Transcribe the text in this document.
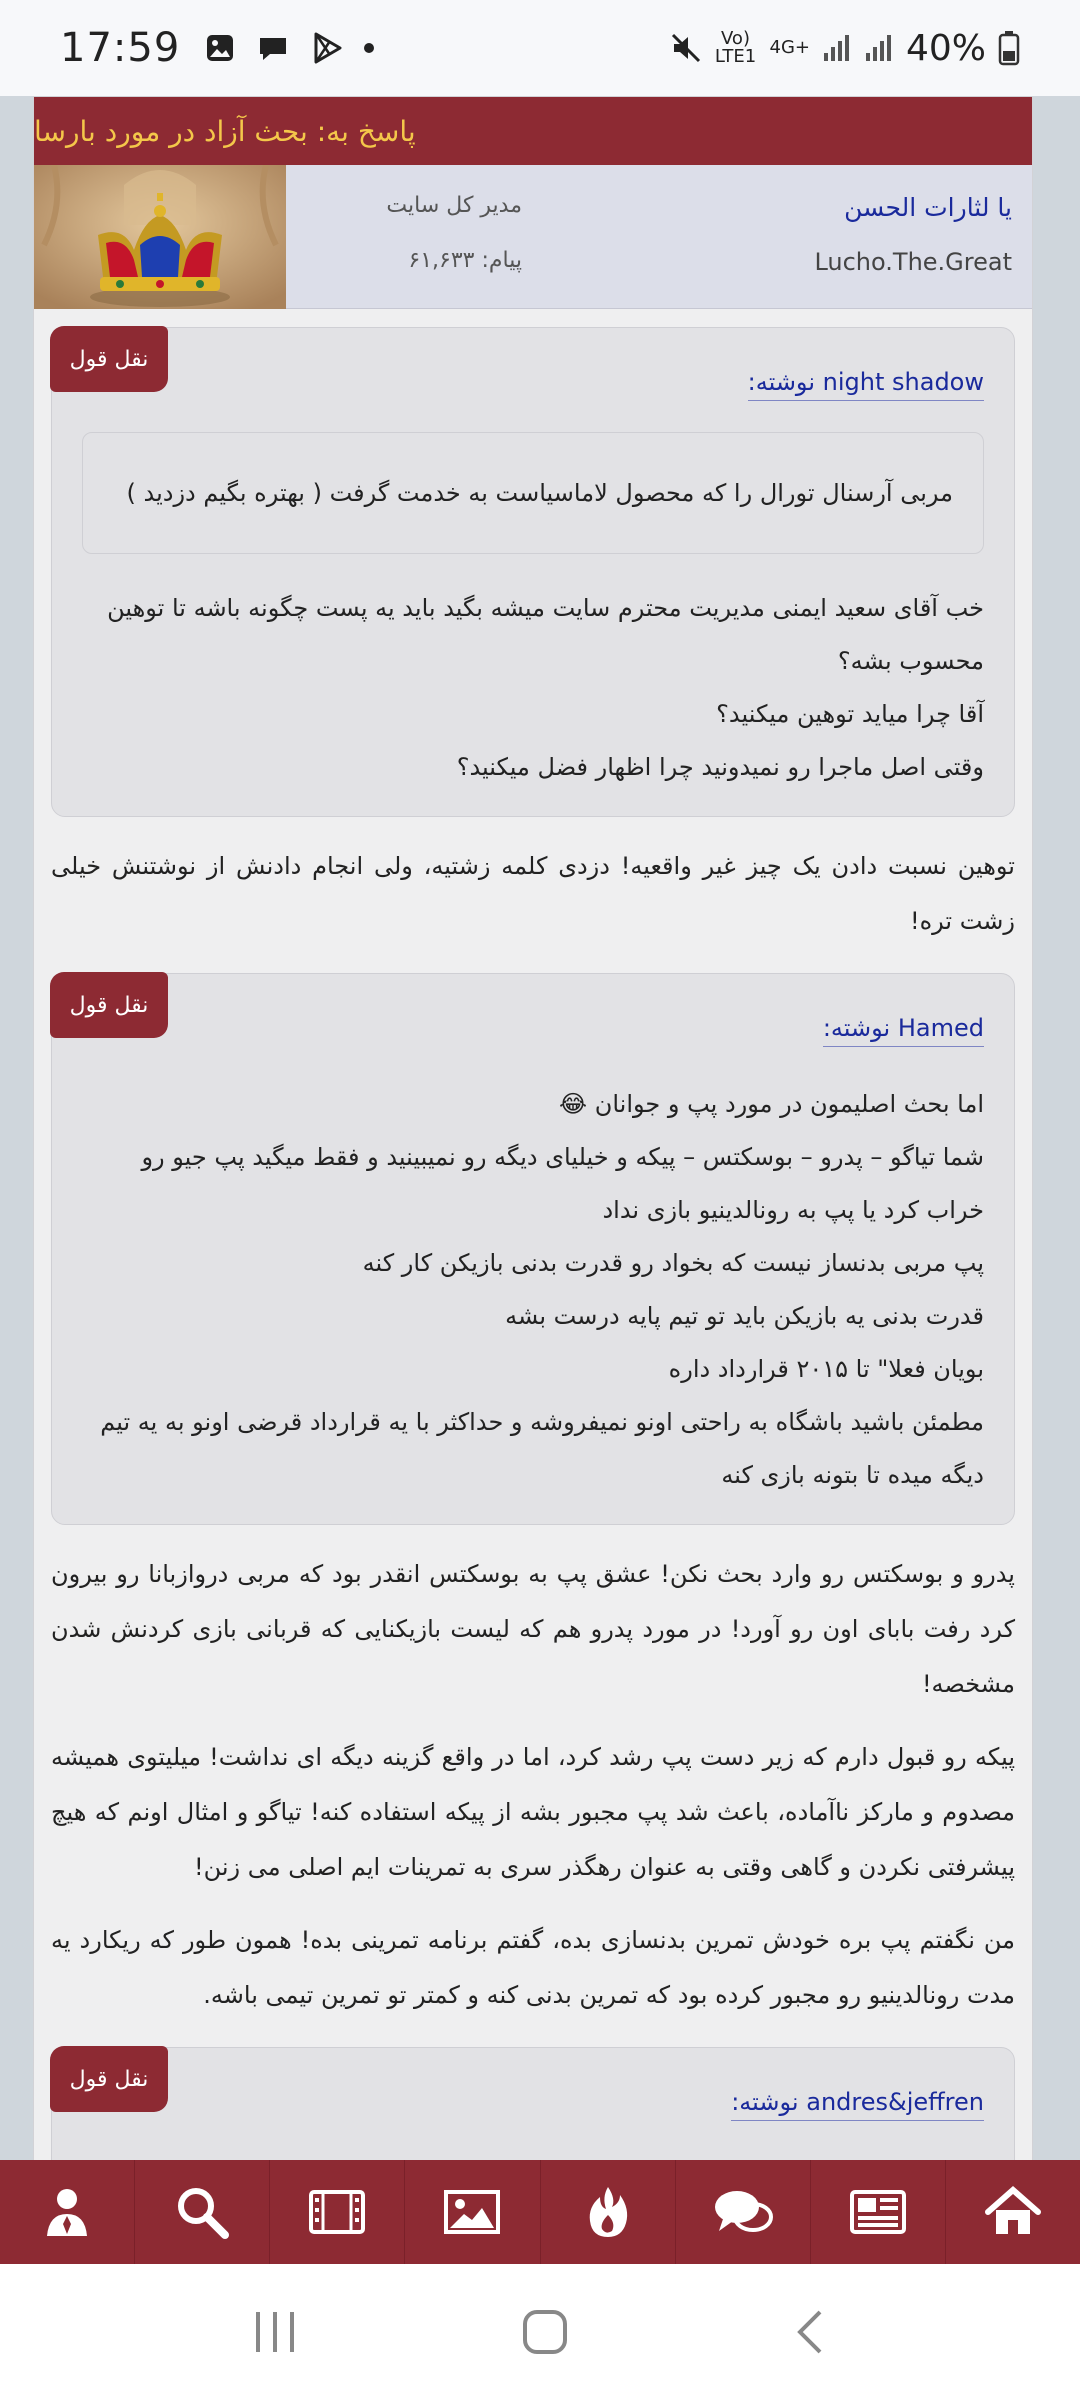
17:59	Vo) LTE1 4G+	40%
پاسخ به: بحث آزاد در مورد بارسا
مدیر کل سایت
پیام: ۶۱,۶۳۳
یا لثارات الحسن
Lucho.The.Great
نقل قول
night shadow نوشته:
مربی آرسنال تورال را که محصول لاماسیاست به خدمت گرفت ( بهتره بگیم دزدید )
خب آقای سعید ایمنی مدیریت محترم سایت میشه بگید باید یه پست چگونه باشه تا توهین محسوب بشه؟
آقا چرا میاید توهین میکنید؟
وقتی اصل ماجرا رو نمیدونید چرا اظهار فضل میکنید؟
توهین نسبت دادن یک چیز غیر واقعیه! دزدی کلمه زشتیه، ولی انجام دادنش از نوشتنش خیلی زشت تره!
نقل قول
Hamed نوشته:
اما بحث اصلیمون در مورد پپ و جوانان 😂
شما تیاگو – پدرو – بوسکتس – پیکه و خیلیای دیگه رو نمیبینید و فقط میگید پپ جیو رو خراب کرد یا پپ به رونالدینیو بازی نداد
پپ مربی بدنساز نیست که بخواد رو قدرت بدنی بازیکن کار کنه
قدرت بدنی یه بازیکن باید تو تیم پایه درست بشه
بویان فعلا" تا ۲۰۱۵ قرارداد داره
مطمئن باشید باشگاه به راحتی اونو نمیفروشه و حداکثر با یه قرارداد قرضی اونو به یه تیم دیگه میده تا بتونه بازی کنه
پدرو و بوسکتس رو وارد بحث نکن! عشق پپ به بوسکتس انقدر بود که مربی دروازبانا رو بیرون کرد رفت بابای اون رو آورد! در مورد پدرو هم که لیست بازیکنایی که قربانی بازی کردنش شدن مشخصه!
پیکه رو قبول دارم که زیر دست پپ رشد کرد، اما در واقع گزینه دیگه ای نداشت! میلیتوی همیشه مصدوم و مارکز ناآماده، باعث شد پپ مجبور بشه از پیکه استفاده کنه! تیاگو و امثال اونم که هیچ پیشرفتی نکردن و گاهی وقتی به عنوان رهگذر سری به تمرینات ایم اصلی می زنن!
من نگفتم پپ بره خودش تمرین بدنسازی بده، گفتم برنامه تمرینی بده! همون طور که ریکارد یه مدت رونالدینیو رو مجبور کرده بود که تمرین بدنی کنه و کمتر تو تمرین تیمی باشه.
نقل قول
andres&jeffren نوشته:
